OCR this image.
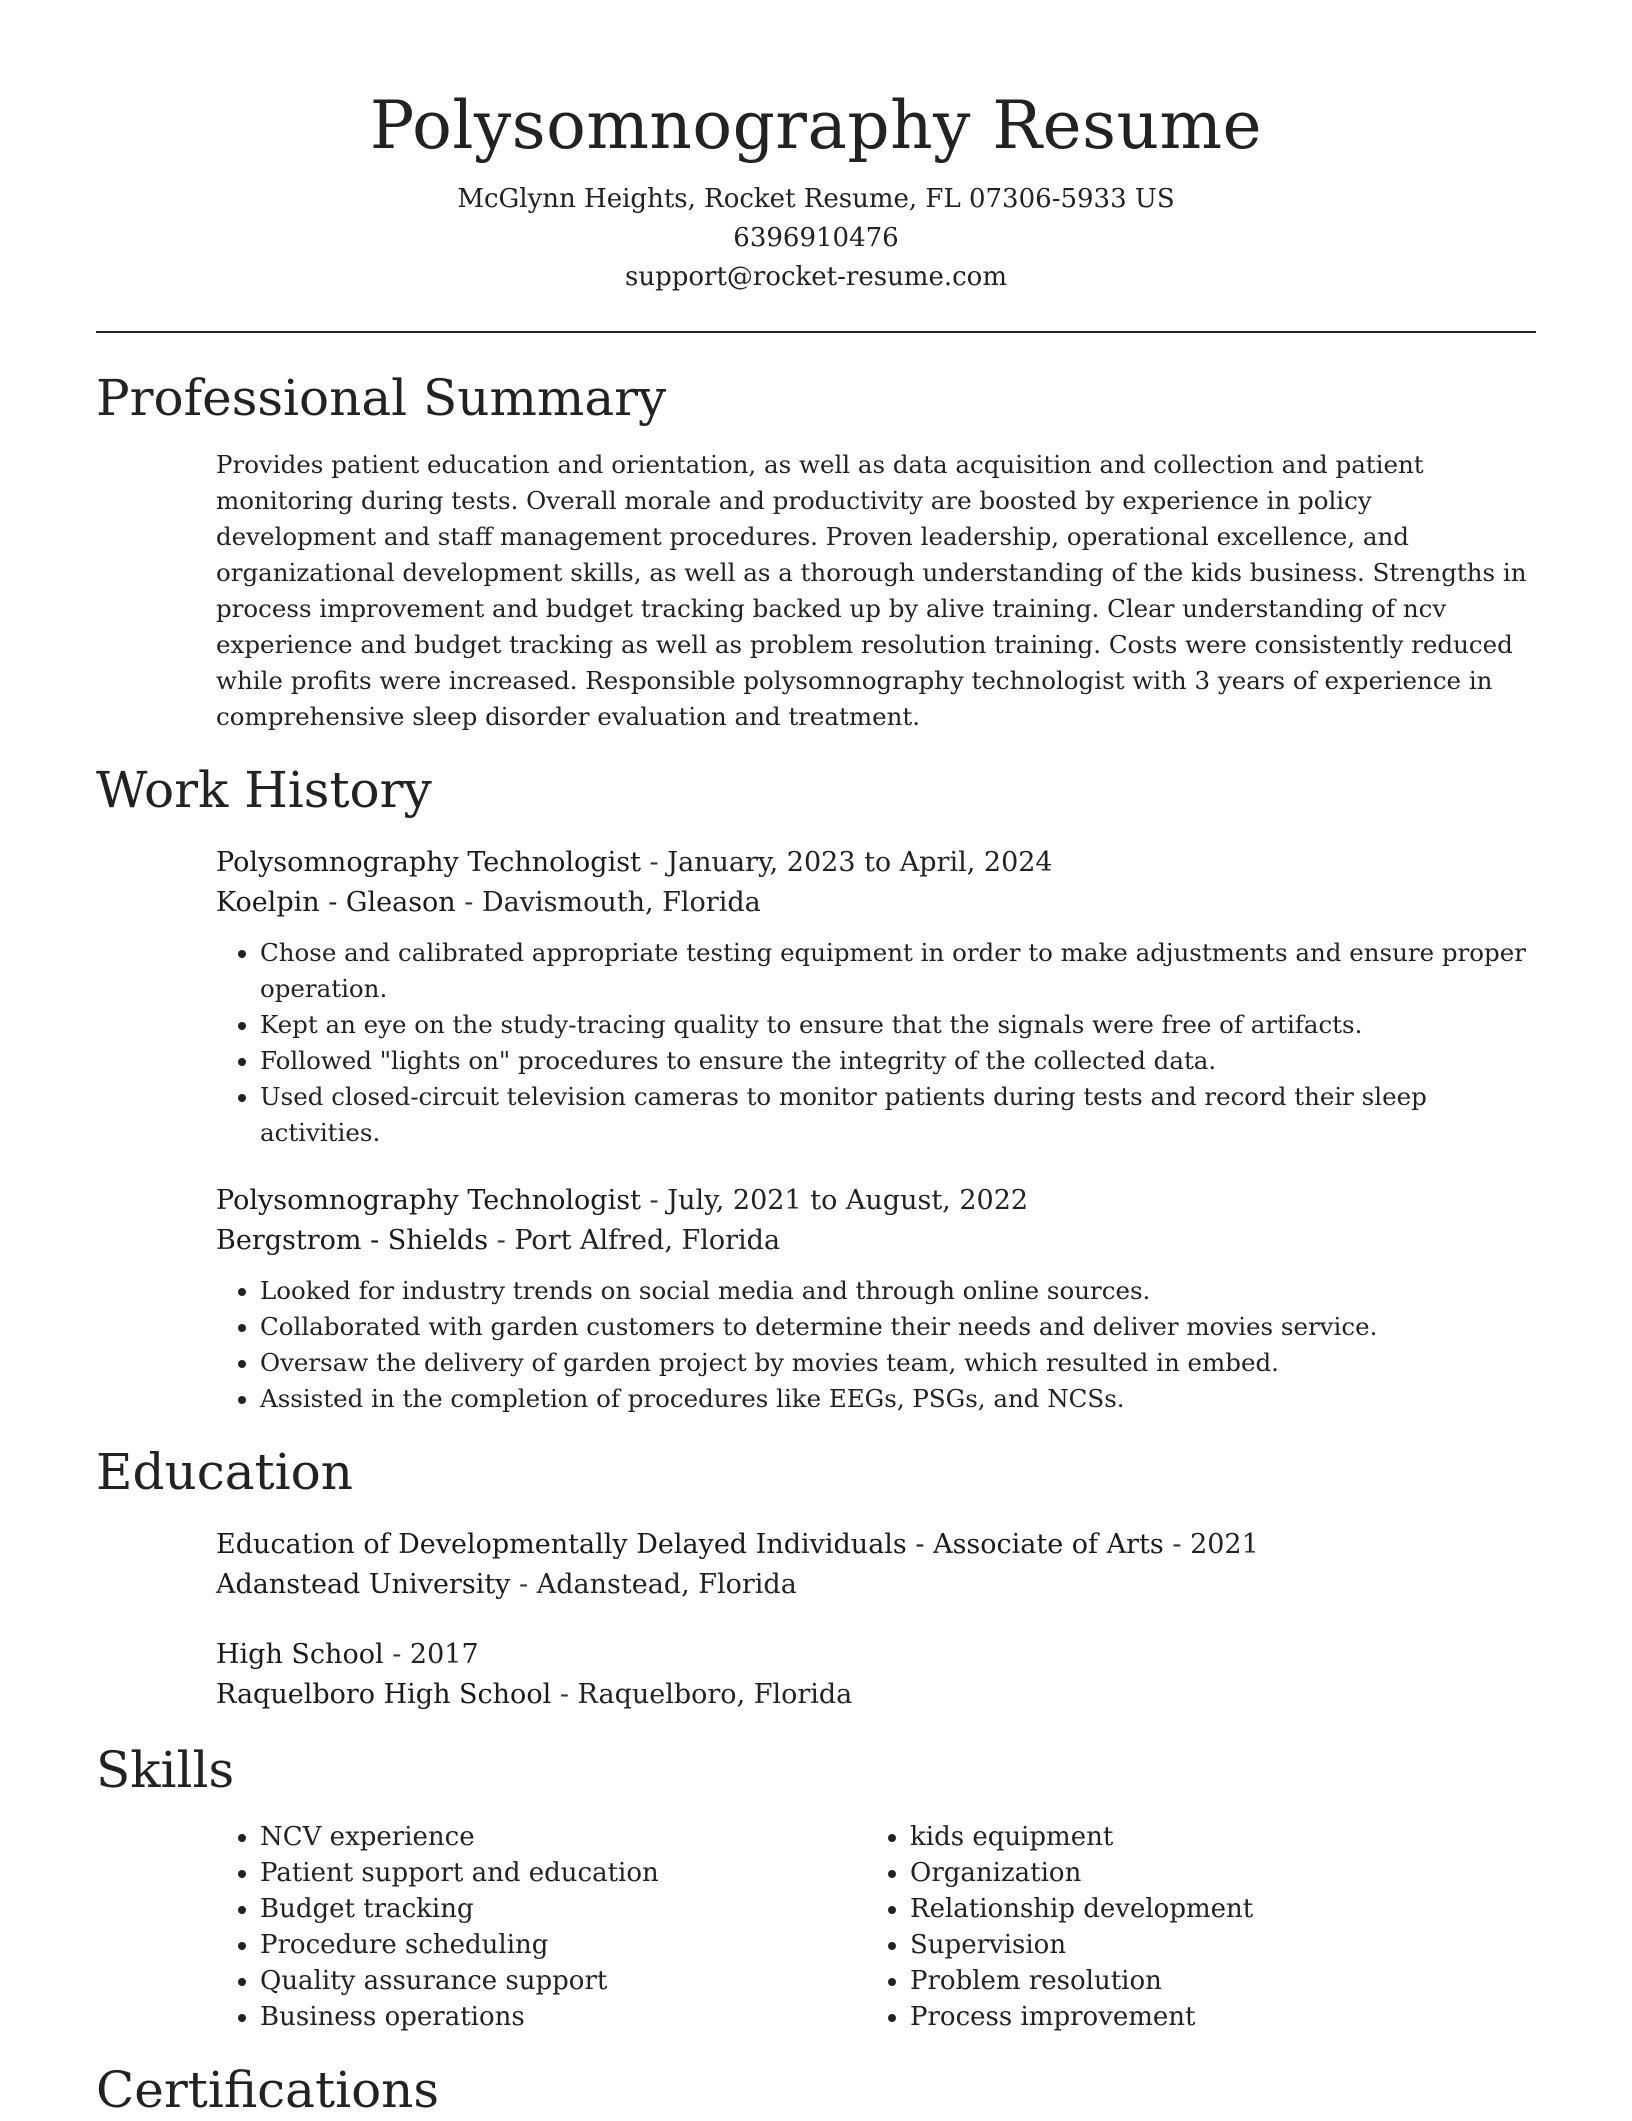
Polysomnography Resume
McGlynn Heights, Rocket Resume, FL 07306-5933 US
6396910476
support@rocket-resume.com
Professional Summary
Provides patient education and orientation, as well as data acquisition and collection and patient monitoring during tests. Overall morale and productivity are boosted by experience in policy development and staff management procedures. Proven leadership, operational excellence, and organizational development skills, as well as a thorough understanding of the kids business. Strengths in process improvement and budget tracking backed up by alive training. Clear understanding of ncv experience and budget tracking as well as problem resolution training. Costs were consistently reduced while profits were increased. Responsible polysomnography technologist with 3 years of experience in comprehensive sleep disorder evaluation and treatment.
Work History
Polysomnography Technologist - January, 2023 to April, 2024
Koelpin - Gleason - Davismouth, Florida
• Chose and calibrated appropriate testing equipment in order to make adjustments and ensure proper operation.
• Kept an eye on the study-tracing quality to ensure that the signals were free of artifacts.
• Followed "lights on" procedures to ensure the integrity of the collected data.
• Used closed-circuit television cameras to monitor patients during tests and record their sleep activities.
Polysomnography Technologist - July, 2021 to August, 2022
Bergstrom - Shields - Port Alfred, Florida
• Looked for industry trends on social media and through online sources.
• Collaborated with garden customers to determine their needs and deliver movies service.
• Oversaw the delivery of garden project by movies team, which resulted in embed.
• Assisted in the completion of procedures like EEGs, PSGs, and NCSs.
Education
Education of Developmentally Delayed Individuals - Associate of Arts - 2021
Adanstead University - Adanstead, Florida
High School - 2017
Raquelboro High School - Raquelboro, Florida
Skills
• NCV experience
• Patient support and education
• Budget tracking
• Procedure scheduling
• Quality assurance support
• Business operations
• kids equipment
• Organization
• Relationship development
• Supervision
• Problem resolution
• Process improvement
Certifications
